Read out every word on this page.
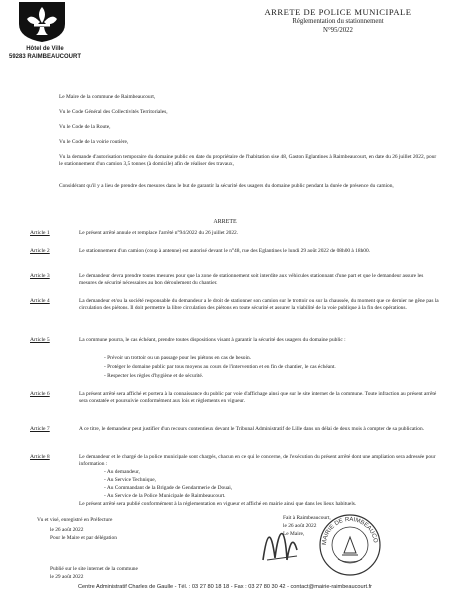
Hôtel de Ville
59283 RAIMBEAUCOURT
ARRETE DE POLICE MUNICIPALE
Réglementation du stationnement
N°95/2022
Le Maire de la commune de Raimbeaucourt,
Vu le Code Général des Collectivités Territoriales,
Vu le Code de la Route,
Vu le Code de la voirie routière,
Vu la demande d'autorisation temporaire du domaine public en date du propriétaire de l'habitation sise 48, Gaston Eglantines à Raimbeaucourt, en date du 26 juillet 2022, pour le stationnement d'un camion 3,5 tonnes (à domicile) afin de réaliser des travaux,
Considérant qu'il y a lieu de prendre des mesures dans le but de garantir la sécurité des usagers du domaine public pendant la durée de présence du camion,
ARRETE
Article 1	Le présent arrêté annule et remplace l'arrêté n°94/2022 du 26 juillet 2022.
Article 2	Le stationnement d'un camion (coup à antenne) est autorisé devant le n°48, rue des Eglantines le lundi 29 août 2022 de 08h00 à 18h00.
Article 3	Le demandeur devra prendre toutes mesures pour que la zone de stationnement soit interdite aux véhicules stationnant d'une part et que le demandeur assure les mesures de sécurité nécessaires au bon déroulement du chantier.
Article 4	La demandeur et/ou la société responsable du demandeur a le droit de stationner son camion sur le trottoir ou sur la chaussée, du moment que ce dernier ne gêne pas la circulation des piétons. Il doit permettre la libre circulation des piétons en toute sécurité et assurer la viabilité de la voie publique à la fin des opérations.
Article 5	La commune pourra, le cas échéant, prendre toutes dispositions visant à garantir la sécurité des usagers du domaine public :
- Prévoir un trottoir ou un passage pour les piétons en cas de besoin.
- Protéger le domaine public par tous moyens au cours de l'intervention et en fin de chantier, le cas échéant.
- Respecter les règles d'hygiène et de sécurité.
Article 6	La présent arrêté sera affiché et portera à la connaissance du public par voie d'affichage ainsi que sur le site internet de la commune. Toute infraction au présent arrêté sera constatée et poursuivie conformément aux lois et règlements en vigueur.
Article 7	A ce titre, le demandeur peut justifier d'un recours contentieux devant le Tribunal Administratif de Lille dans un délai de deux mois à compter de sa publication.
Article 8	Le demandeur et le chargé de la police municipale sont chargés, chacun en ce qui le concerne, de l'exécution du présent arrêté dont une ampliation sera adressée pour information :
- Au demandeur,
- Au Service Technique,
- Au Commandant de la Brigade de Gendarmerie de Douai,
- Au Service de la Police Municipale de Raimbeaucourt.
Le présent arrêté sera publié conformément à la réglementation en vigueur et affiché en mairie ainsi que dans les lieux habituels.
Vu et visé, enregistré en Préfecture
le 26 août 2022
Pour le Maire et par délégation
Publié sur le site internet de la commune
le 29 août 2022
Fait à Raimbeaucourt,
le 26 août 2022
Le Maire,
MAIRIE DE RAIMBEAUCO
Centre Administratif Charles de Gaulle - Tél. : 03 27 80 18 18 - Fax : 03 27 80 30 42 - contact@mairie-raimbeaucourt.fr
